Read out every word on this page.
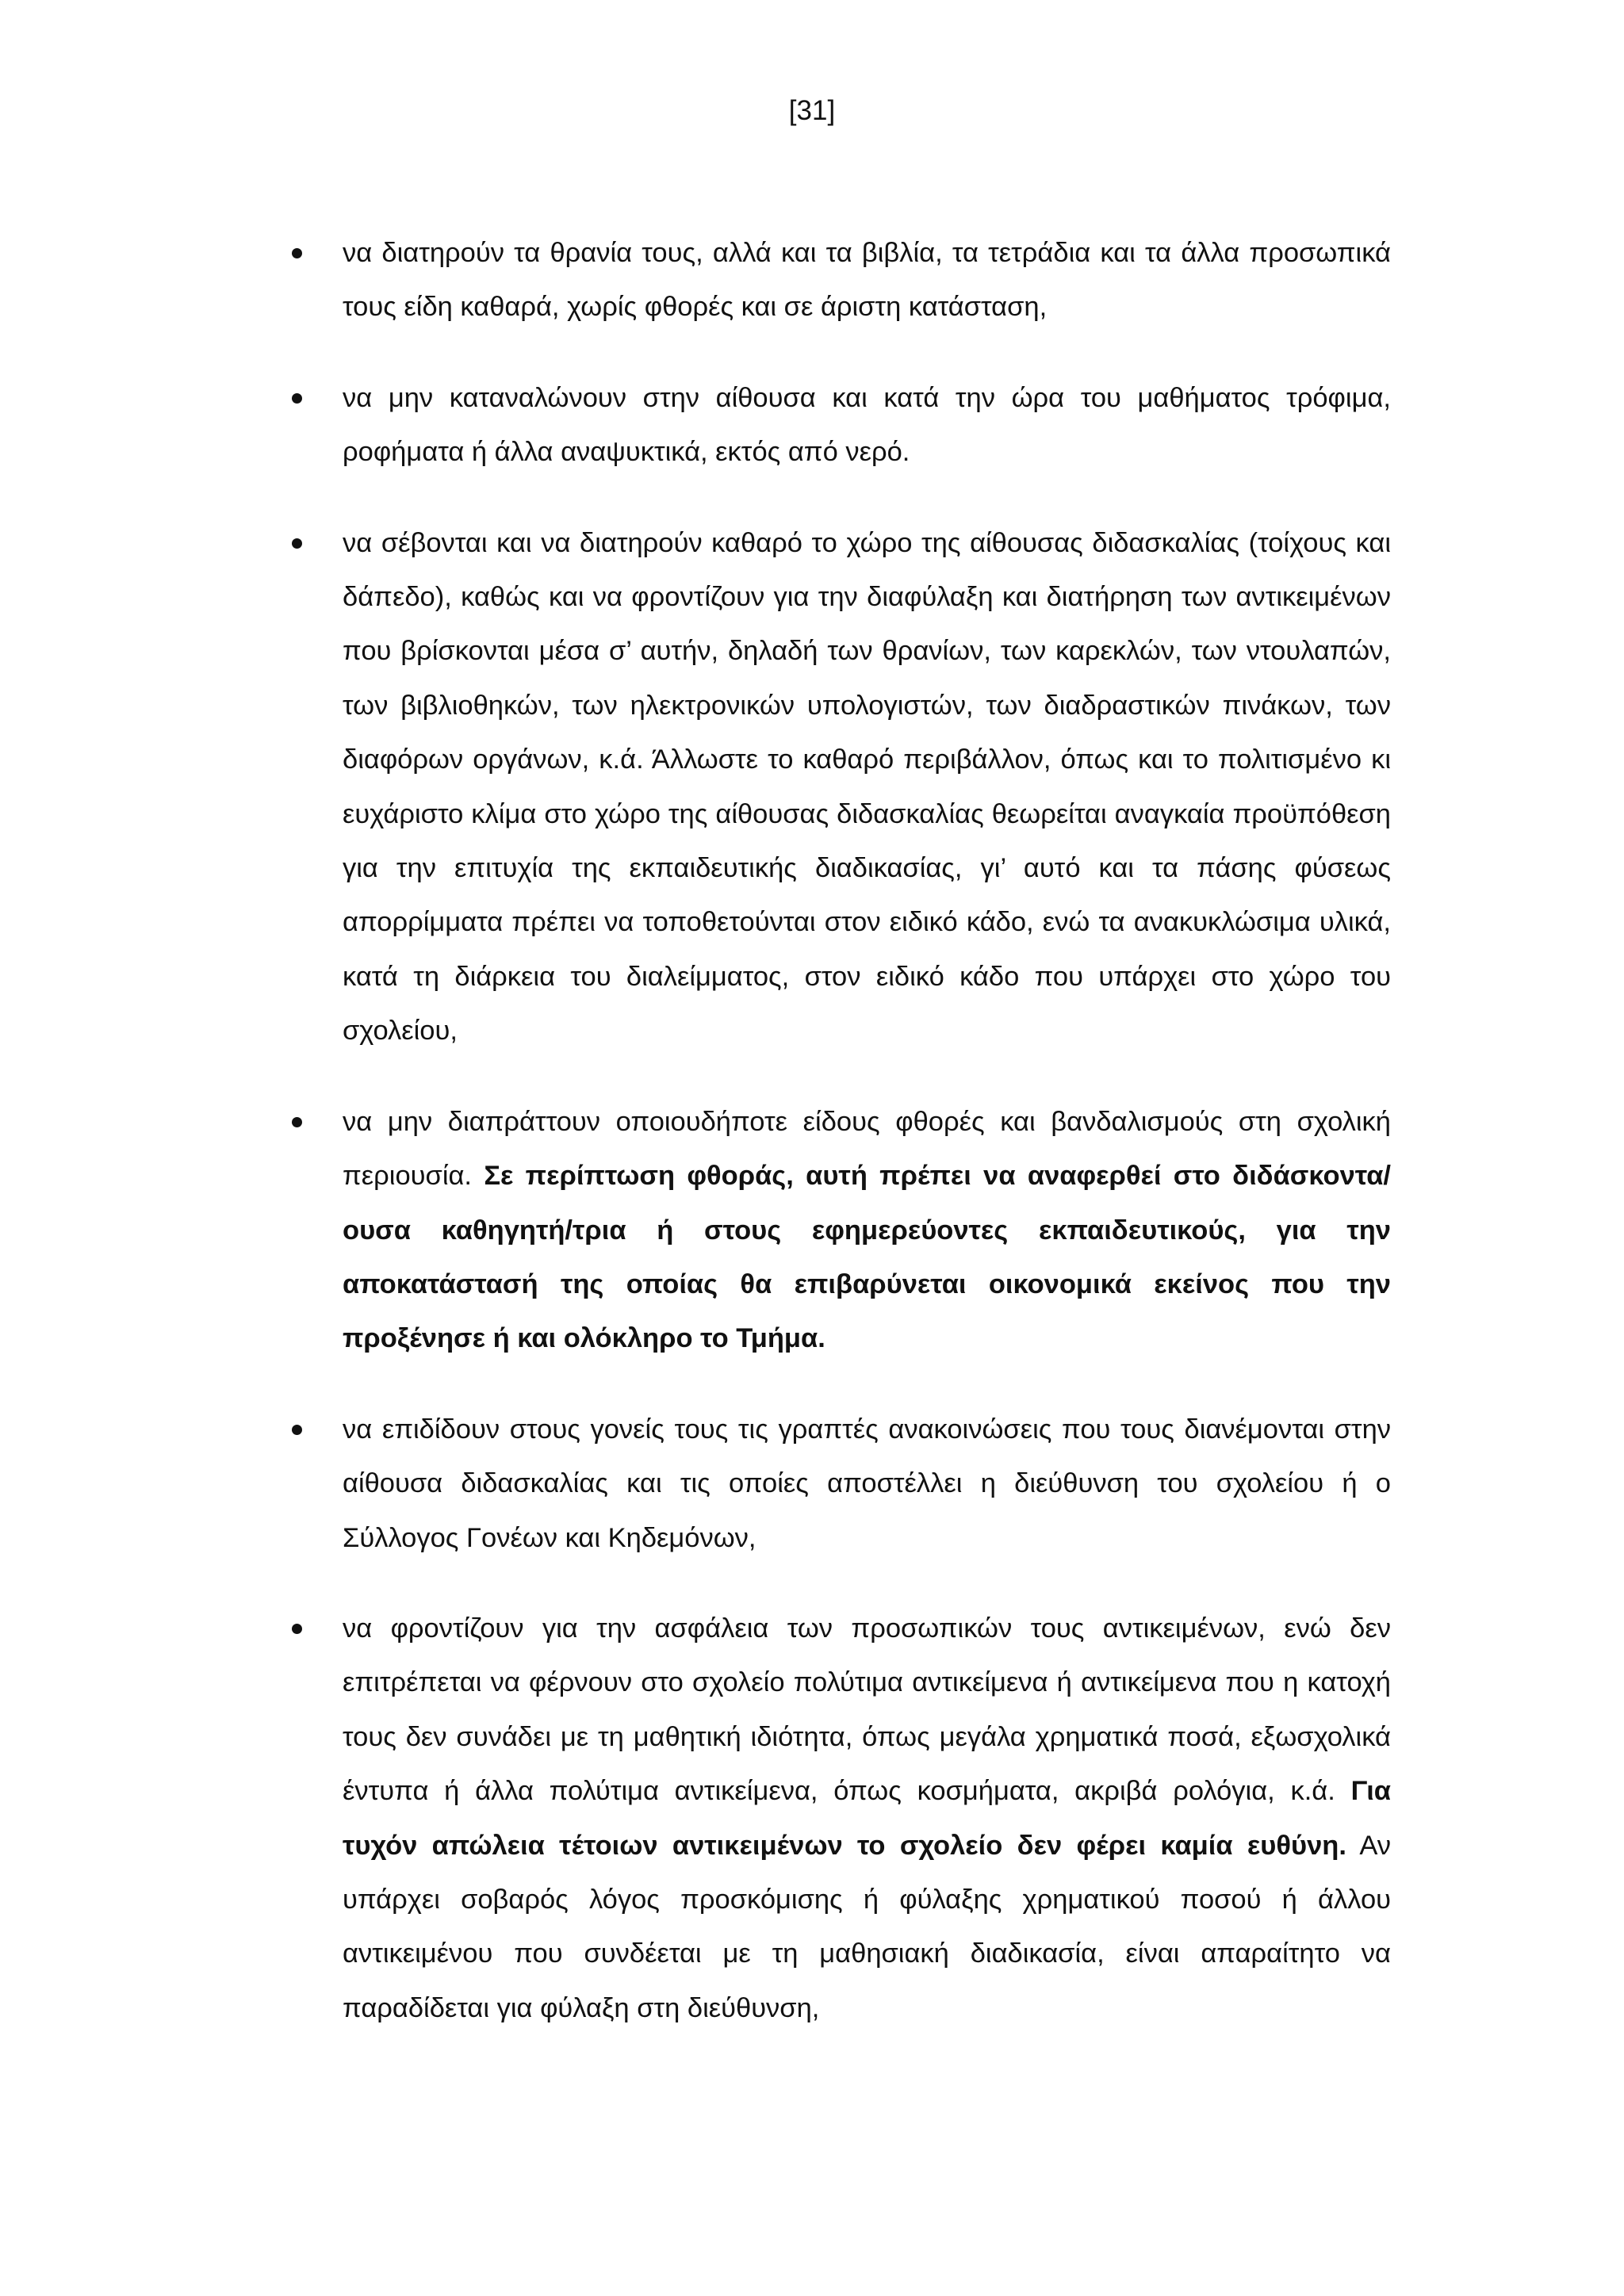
[31]

να διατηρούν τα θρανία τους, αλλά και τα βιβλία, τα τετράδια και τα άλλα προσωπικά τους είδη καθαρά, χωρίς φθορές και σε άριστη κατάσταση,

να μην καταναλώνουν στην αίθουσα και κατά την ώρα του μαθήματος τρόφιμα, ροφήματα ή άλλα αναψυκτικά, εκτός από νερό.

να σέβονται και να διατηρούν καθαρό το χώρο της αίθουσας διδασκαλίας (τοίχους και δάπεδο), καθώς και να φροντίζουν για την διαφύλαξη και διατήρηση των αντικειμένων που βρίσκονται μέσα σ’ αυτήν, δηλαδή των θρανίων, των καρεκλών, των ντουλαπών, των βιβλιοθηκών, των ηλεκτρονικών υπολογιστών, των διαδραστικών πινάκων, των διαφόρων οργάνων, κ.ά. Άλλωστε το καθαρό περιβάλλον, όπως και το πολιτισμένο κι ευχάριστο κλίμα στο χώρο της αίθουσας διδασκαλίας θεωρείται αναγκαία προϋπόθεση για την επιτυχία της εκπαιδευτικής διαδικασίας, γι’ αυτό και τα πάσης φύσεως απορρίμματα πρέπει να τοποθετούνται στον ειδικό κάδο, ενώ τα ανακυκλώσιμα υλικά, κατά τη διάρκεια του διαλείμματος, στον ειδικό κάδο που υπάρχει στο χώρο του σχολείου,

να μην διαπράττουν οποιουδήποτε είδους φθορές και βανδαλισμούς στη σχολική περιουσία. Σε περίπτωση φθοράς, αυτή πρέπει να αναφερθεί στο διδάσκοντα/ουσα καθηγητή/τρια ή στους εφημερεύοντες εκπαιδευτικούς, για την αποκατάστασή της οποίας θα επιβαρύνεται οικονομικά εκείνος που την προξένησε ή και ολόκληρο το Τμήμα.

να επιδίδουν στους γονείς τους τις γραπτές ανακοινώσεις που τους διανέμονται στην αίθουσα διδασκαλίας και τις οποίες αποστέλλει η διεύθυνση του σχολείου ή ο Σύλλογος Γονέων και Κηδεμόνων,

να φροντίζουν για την ασφάλεια των προσωπικών τους αντικειμένων, ενώ δεν επιτρέπεται να φέρνουν στο σχολείο πολύτιμα αντικείμενα ή αντικείμενα που η κατοχή τους δεν συνάδει με τη μαθητική ιδιότητα, όπως μεγάλα χρηματικά ποσά, εξωσχολικά έντυπα ή άλλα πολύτιμα αντικείμενα, όπως κοσμήματα, ακριβά ρολόγια, κ.ά. Για τυχόν απώλεια τέτοιων αντικειμένων το σχολείο δεν φέρει καμία ευθύνη. Αν υπάρχει σοβαρός λόγος προσκόμισης ή φύλαξης χρηματικού ποσού ή άλλου αντικειμένου που συνδέεται με τη μαθησιακή διαδικασία, είναι απαραίτητο να παραδίδεται για φύλαξη στη διεύθυνση,
